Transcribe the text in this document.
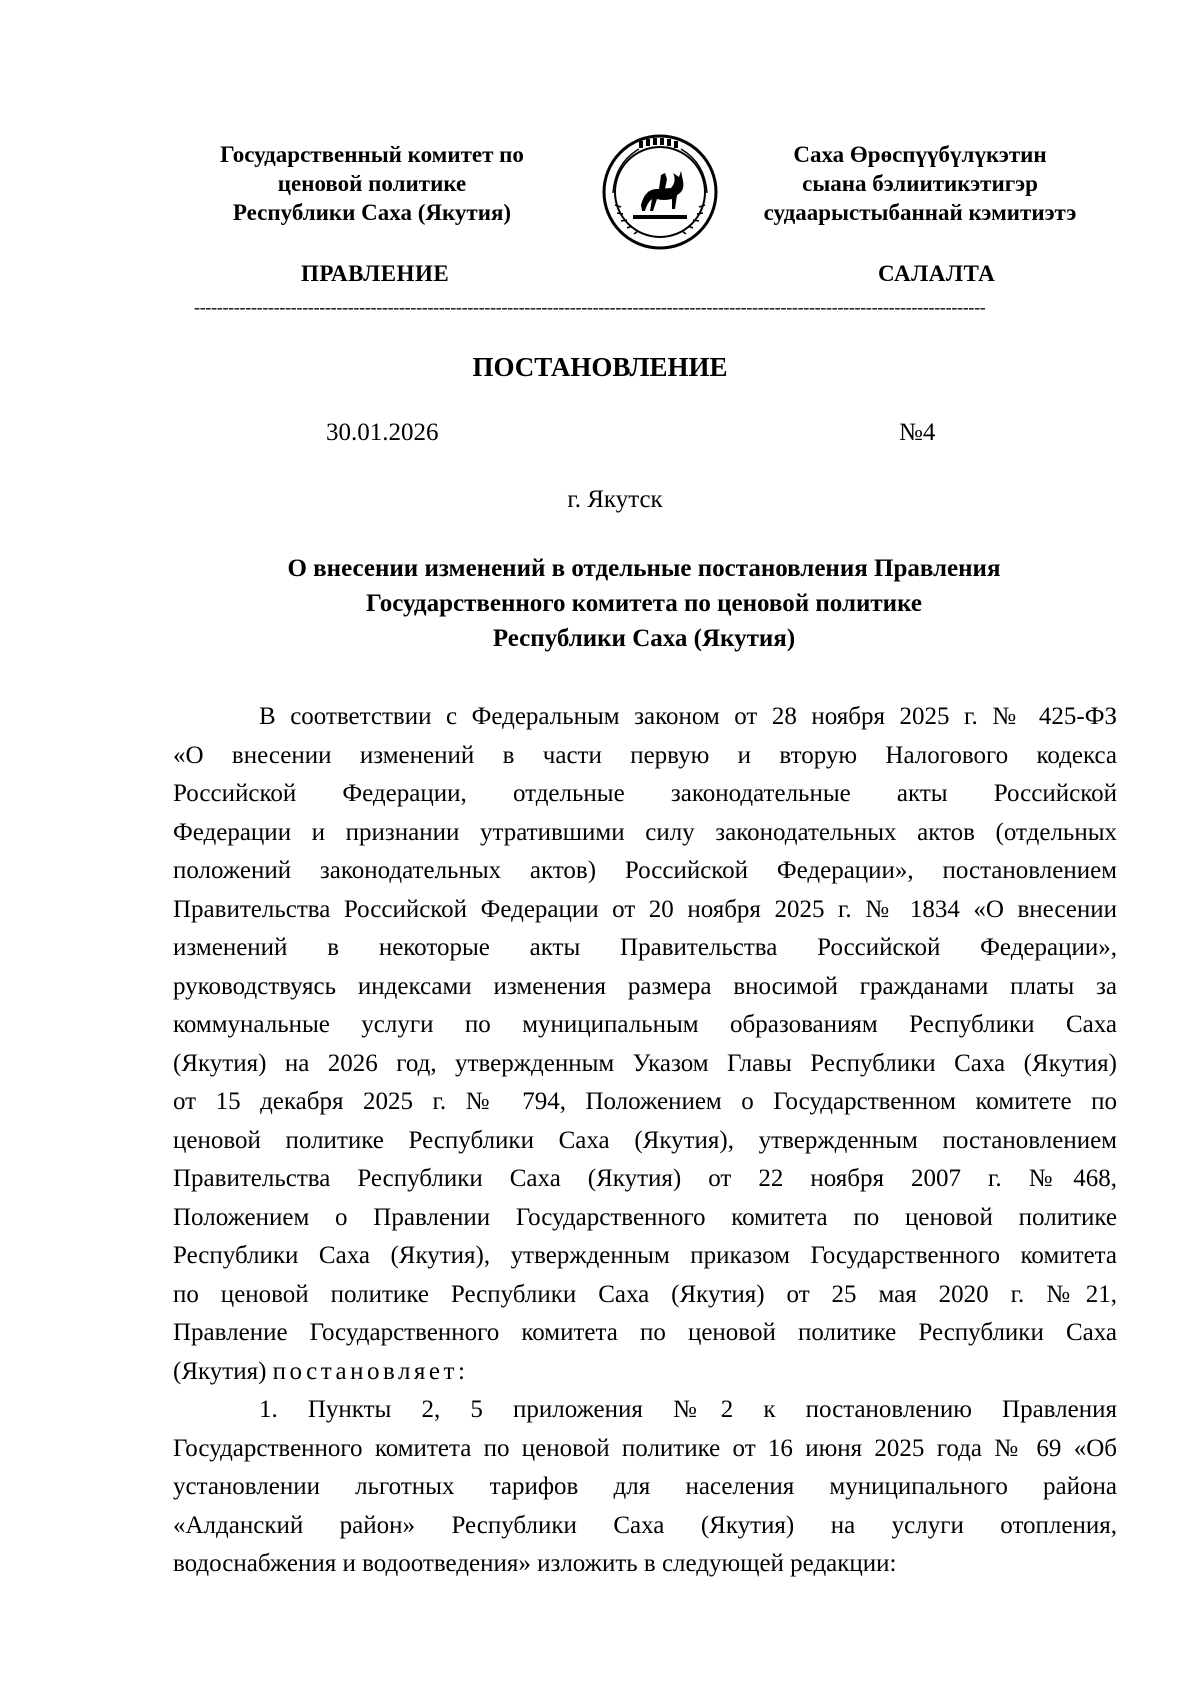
Государственный комитет по
ценовой политике
Республики Саха (Якутия)
Саха Өрөспүүбүлүкэтин
сыана бэлиитикэтигэр
судаарыстыбаннай кэмитиэтэ
ПРАВЛЕНИЕ	САЛАЛТА
-------------------------------------------------------------------------------------------------------------------------------------------
ПОСТАНОВЛЕНИЕ
30.01.2026	№4
г. Якутск
О внесении изменений в отдельные постановления Правления
Государственного комитета по ценовой политике
Республики Саха (Якутия)
В соответствии с Федеральным законом от 28 ноября 2025 г. № 425-ФЗ
«О внесении изменений в части первую и вторую Налогового кодекса
Российской Федерации, отдельные законодательные акты Российской
Федерации и признании утратившими силу законодательных актов (отдельных
положений законодательных актов) Российской Федерации», постановлением
Правительства Российской Федерации от 20 ноября 2025 г. № 1834 «О внесении
изменений в некоторые акты Правительства Российской Федерации»,
руководствуясь индексами изменения размера вносимой гражданами платы за
коммунальные услуги по муниципальным образованиям Республики Саха
(Якутия) на 2026 год, утвержденным Указом Главы Республики Саха (Якутия)
от 15 декабря 2025 г. № 794, Положением о Государственном комитете по
ценовой политике Республики Саха (Якутия), утвержденным постановлением
Правительства Республики Саха (Якутия) от 22 ноября 2007 г. №468,
Положением о Правлении Государственного комитета по ценовой политике
Республики Саха (Якутия), утвержденным приказом Государственного комитета
по ценовой политике Республики Саха (Якутия) от 25 мая 2020 г. №21,
Правление Государственного комитета по ценовой политике Республики Саха
(Якутия) постановляет:
1. Пункты 2, 5 приложения №2 к постановлению Правления
Государственного комитета по ценовой политике от 16 июня 2025 года № 69 «Об
установлении льготных тарифов для населения муниципального района
«Алданский район» Республики Саха (Якутия) на услуги отопления,
водоснабжения и водоотведения» изложить в следующей редакции:
